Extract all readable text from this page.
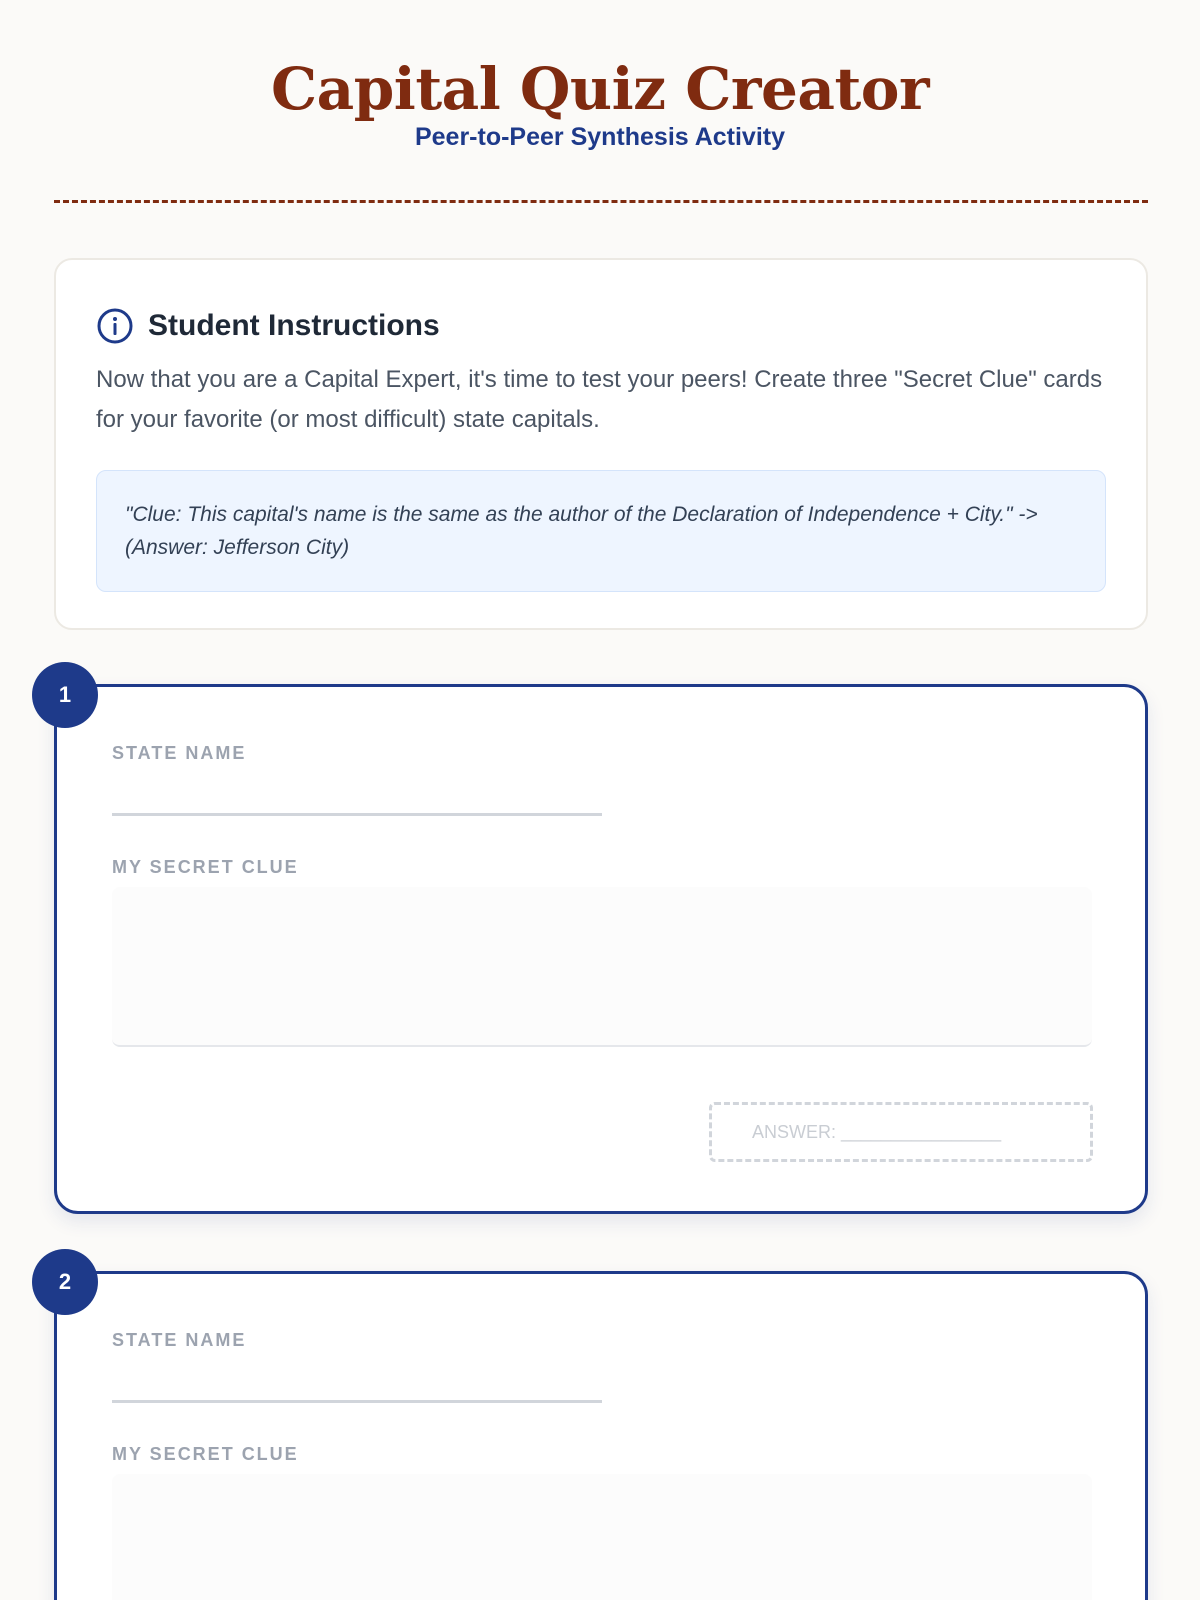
Capital Quiz Creator
Peer-to-Peer Synthesis Activity
Student Instructions

Now that you are a Capital Expert, it's time to test your peers! Create three "Secret Clue" cards for your favorite (or most difficult) state capitals.

"Clue: This capital's name is the same as the author of the Declaration of Independence + City." -> (Answer: Jefferson City)
1
STATE NAME
MY SECRET CLUE
ANSWER: ________________
2
STATE NAME
MY SECRET CLUE
